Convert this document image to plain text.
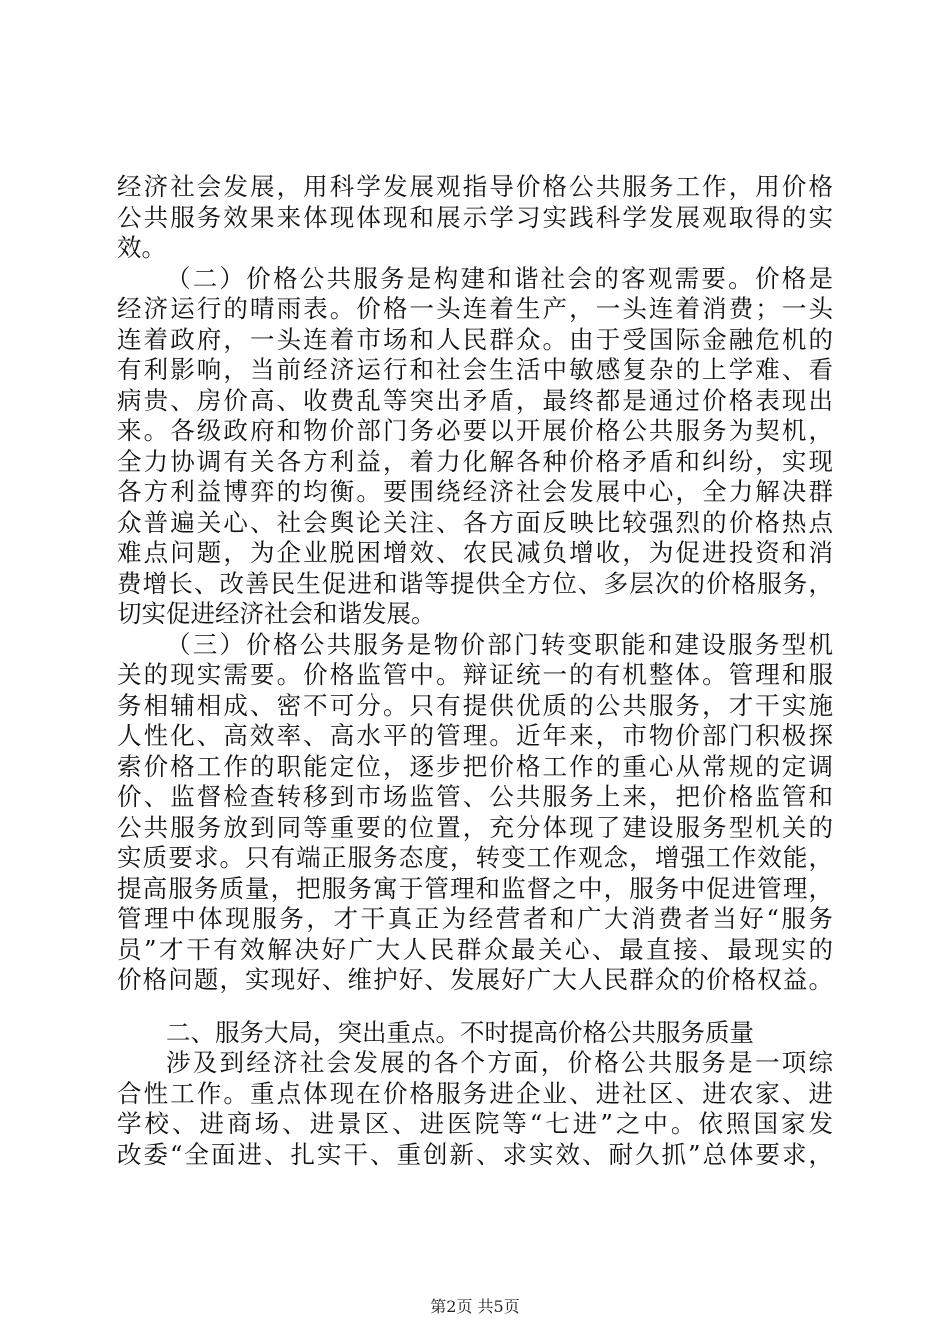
经济社会发展，用科学发展观指导价格公共服务工作，用价格
公共服务效果来体现体现和展示学习实践科学发展观取得的实
效。
（二）价格公共服务是构建和谐社会的客观需要。价格是
经济运行的晴雨表。价格一头连着生产，一头连着消费；一头
连着政府，一头连着市场和人民群众。由于受国际金融危机的
有利影响，当前经济运行和社会生活中敏感复杂的上学难、看
病贵、房价高、收费乱等突出矛盾，最终都是通过价格表现出
来。各级政府和物价部门务必要以开展价格公共服务为契机，
全力协调有关各方利益，着力化解各种价格矛盾和纠纷，实现
各方利益博弈的均衡。要围绕经济社会发展中心，全力解决群
众普遍关心、社会舆论关注、各方面反映比较强烈的价格热点
难点问题，为企业脱困增效、农民减负增收，为促进投资和消
费增长、改善民生促进和谐等提供全方位、多层次的价格服务，
切实促进经济社会和谐发展。
（三）价格公共服务是物价部门转变职能和建设服务型机
关的现实需要。价格监管中。辩证统一的有机整体。管理和服
务相辅相成、密不可分。只有提供优质的公共服务，才干实施
人性化、高效率、高水平的管理。近年来，市物价部门积极探
索价格工作的职能定位，逐步把价格工作的重心从常规的定调
价、监督检查转移到市场监管、公共服务上来，把价格监管和
公共服务放到同等重要的位置，充分体现了建设服务型机关的
实质要求。只有端正服务态度，转变工作观念，增强工作效能，
提高服务质量，把服务寓于管理和监督之中，服务中促进管理，
管理中体现服务，才干真正为经营者和广大消费者当好“服务
员”才干有效解决好广大人民群众最关心、最直接、最现实的
价格问题，实现好、维护好、发展好广大人民群众的价格权益。
二、服务大局，突出重点。不时提高价格公共服务质量
涉及到经济社会发展的各个方面，价格公共服务是一项综
合性工作。重点体现在价格服务进企业、进社区、进农家、进
学校、进商场、进景区、进医院等“七进”之中。依照国家发
改委“全面进、扎实干、重创新、求实效、耐久抓”总体要求，
第2页 共5页
